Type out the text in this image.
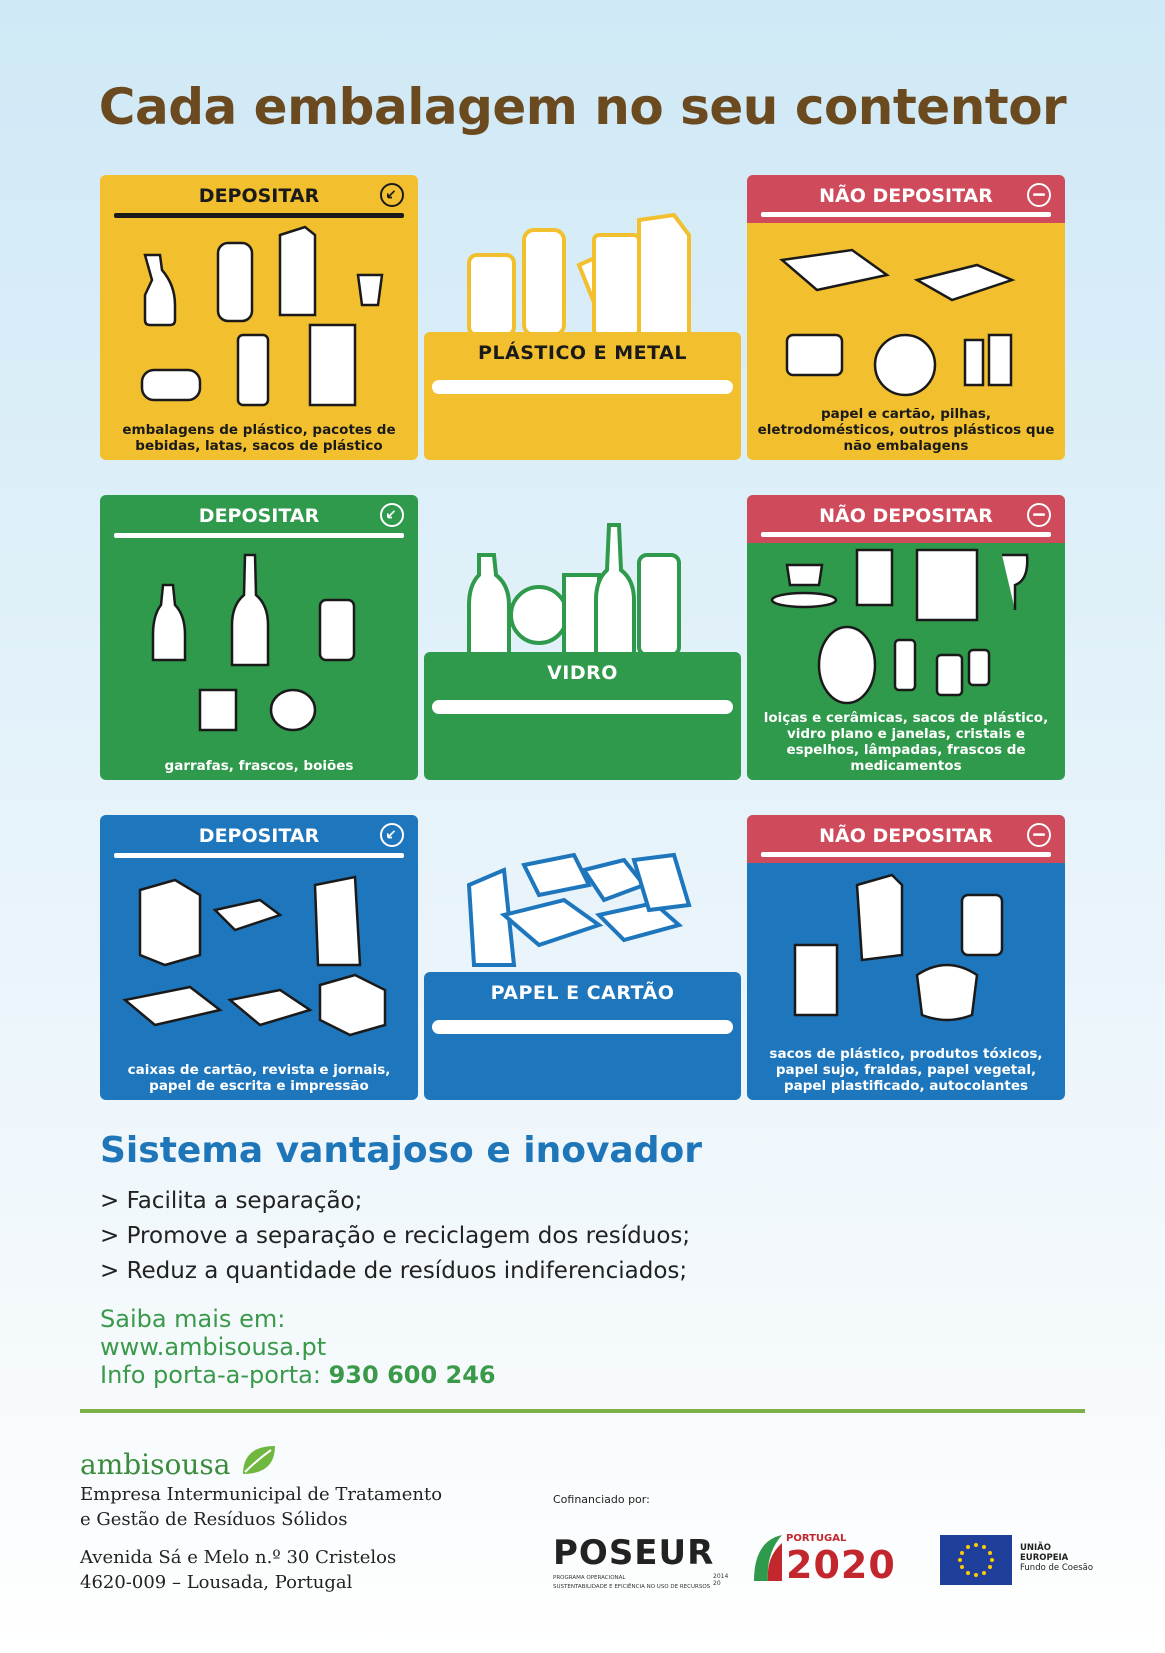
Cada embalagem no seu contentor
DEPOSITAR
embalagens de plástico, pacotes de bebidas, latas, sacos de plástico
PLÁSTICO E METAL
NÃO DEPOSITAR
papel e cartão, pilhas, eletrodomésticos, outros plásticos que não embalagens
DEPOSITAR
garrafas, frascos, boiões
VIDRO
NÃO DEPOSITAR
loiças e cerâmicas, sacos de plástico, vidro plano e janelas, cristais e espelhos, lâmpadas, frascos de medicamentos
DEPOSITAR
caixas de cartão, revista e jornais, papel de escrita e impressão
PAPEL E CARTÃO
NÃO DEPOSITAR
sacos de plástico, produtos tóxicos, papel sujo, fraldas, papel vegetal, papel plastificado, autocolantes
Sistema vantajoso e inovador
> Facilita a separação;
> Promove a separação e reciclagem dos resíduos;
> Reduz a quantidade de resíduos indiferenciados;
Saiba mais em:
www.ambisousa.pt
Info porta-a-porta: 930 600 246
ambisousa
Empresa Intermunicipal de Tratamento
e Gestão de Resíduos Sólidos
Avenida Sá e Melo n.º 30 Cristelos
4620-009 – Lousada, Portugal
Cofinanciado por:
POSEUR
PROGRAMA OPERACIONAL
SUSTENTABILIDADE E EFICIÊNCIA NO USO DE RECURSOS
2014 20
PORTUGAL
2020	UNIÃO EUROPEIA
Fundo de Coesão
